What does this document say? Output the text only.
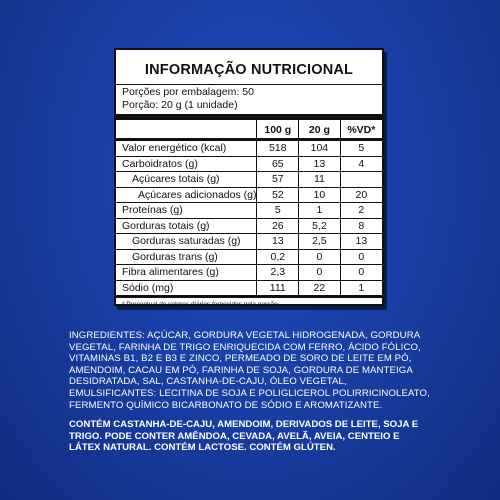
INFORMAÇÃO NUTRICIONAL
Porções por embalagem: 50
Porção: 20 g (1 unidade)
	100 g	20 g	%VD*
Valor energético (kcal)	518	104	5
Carboidratos (g)	65	13	4
Açúcares totais (g)	57	11	
Açúcares adicionados (g)	52	10	20
Proteínas (g)	5	1	2
Gorduras totais (g)	26	5,2	8
Gorduras saturadas (g)	13	2,5	13
Gorduras trans (g)	0,2	0	0
Fibra alimentares (g)	2,3	0	0
Sódio (mg)	111	22	1
* Percentual de valores diários fornecidos pela porção.
INGREDIENTES: AÇÚCAR, GORDURA VEGETAL HIDROGENADA, GORDURA VEGETAL, FARINHA DE TRIGO ENRIQUECIDA COM FERRO, ÁCIDO FÓLICO, VITAMINAS B1, B2 E B3 E ZINCO, PERMEADO DE SORO DE LEITE EM PÓ, AMENDOIM, CACAU EM PÓ, FARINHA DE SOJA, GORDURA DE MANTEIGA DESIDRATADA, SAL, CASTANHA-DE-CAJU, ÓLEO VEGETAL, EMULSIFICANTES: LECITINA DE SOJA E POLIGLICEROL POLIRRICINOLEATO, FERMENTO QUÍMICO BICARBONATO DE SÓDIO E AROMATIZANTE.
CONTÉM CASTANHA-DE-CAJU, AMENDOIM, DERIVADOS DE LEITE, SOJA E TRIGO. PODE CONTER AMÊNDOA, CEVADA, AVELÃ, AVEIA, CENTEIO E LÁTEX NATURAL. CONTÉM LACTOSE. CONTÉM GLÚTEN.
